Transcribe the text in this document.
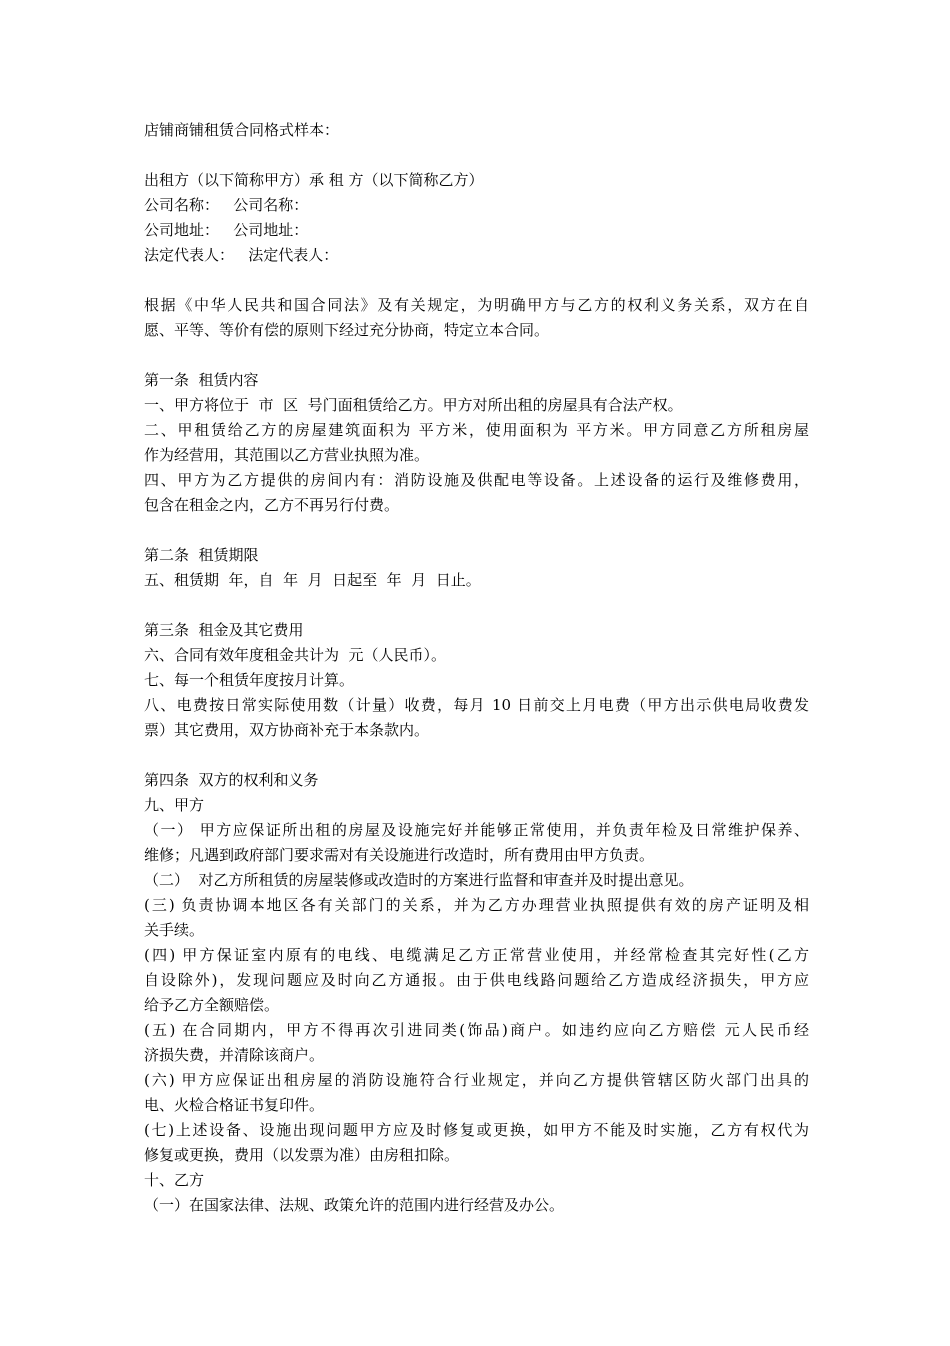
店铺商铺租赁合同格式样本：
出租方（以下简称甲方）承 租 方（以下简称乙方）
公司名称：   公司名称：
公司地址：   公司地址：
法定代表人：   法定代表人：
根据《中华人民共和国合同法》及有关规定，为明确甲方与乙方的权利义务关系，双方在自
愿、平等、等价有偿的原则下经过充分协商，特定立本合同。
第一条  租赁内容
一、甲方将位于  市  区  号门面租赁给乙方。甲方对所出租的房屋具有合法产权。
二、甲租赁给乙方的房屋建筑面积为 平方米，使用面积为 平方米。甲方同意乙方所租房屋
作为经营用，其范围以乙方营业执照为准。
四、甲方为乙方提供的房间内有：消防设施及供配电等设备。上述设备的运行及维修费用，
包含在租金之内，乙方不再另行付费。
第二条  租赁期限
五、租赁期  年，自  年  月  日起至  年  月  日止。
第三条  租金及其它费用
六、合同有效年度租金共计为  元（人民币）。
七、每一个租赁年度按月计算。
八、电费按日常实际使用数（计量）收费，每月 10 日前交上月电费（甲方出示供电局收费发
票）其它费用，双方协商补充于本条款内。
第四条  双方的权利和义务
九、甲方
（一） 甲方应保证所出租的房屋及设施完好并能够正常使用，并负责年检及日常维护保养、
维修；凡遇到政府部门要求需对有关设施进行改造时，所有费用由甲方负责。
（二）  对乙方所租赁的房屋装修或改造时的方案进行监督和审查并及时提出意见。
(三) 负责协调本地区各有关部门的关系，并为乙方办理营业执照提供有效的房产证明及相
关手续。
(四) 甲方保证室内原有的电线、电缆满足乙方正常营业使用，并经常检查其完好性(乙方
自设除外)，发现问题应及时向乙方通报。由于供电线路问题给乙方造成经济损失，甲方应
给予乙方全额赔偿。
(五) 在合同期内，甲方不得再次引进同类(饰品)商户。如违约应向乙方赔偿 元人民币经
济损失费，并清除该商户。
(六) 甲方应保证出租房屋的消防设施符合行业规定，并向乙方提供管辖区防火部门出具的
电、火检合格证书复印件。
(七)上述设备、设施出现问题甲方应及时修复或更换，如甲方不能及时实施，乙方有权代为
修复或更换，费用（以发票为准）由房租扣除。
十、乙方
（一）在国家法律、法规、政策允许的范围内进行经营及办公。
